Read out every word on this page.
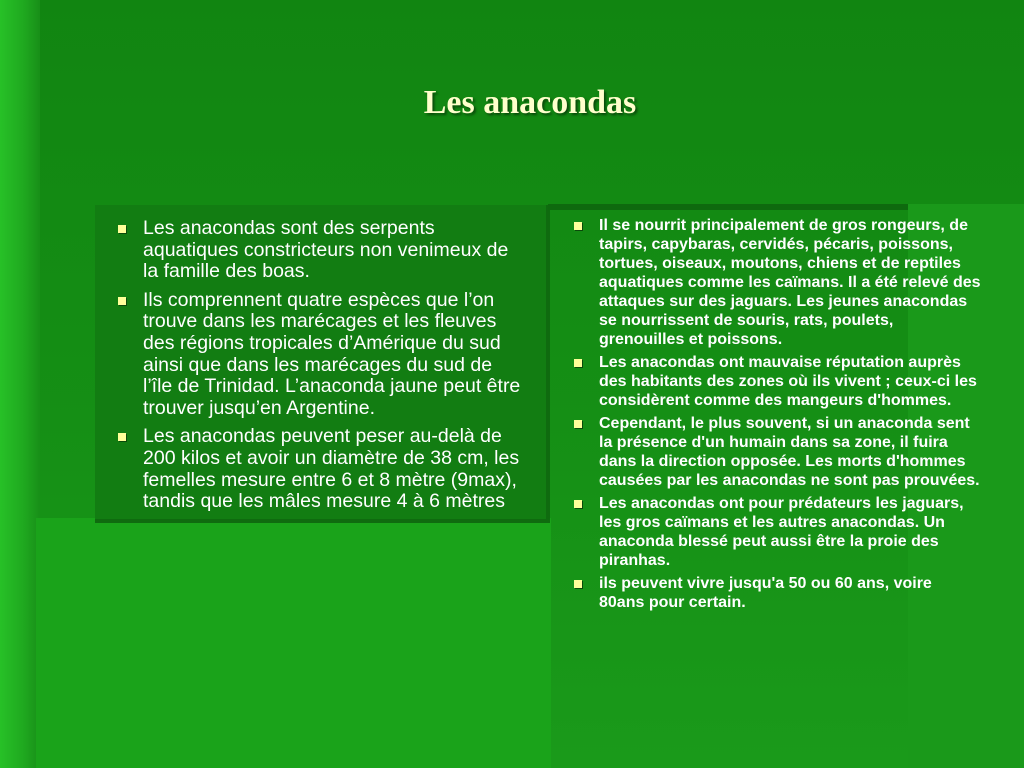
Les anacondas
Les anacondas sont des serpents aquatiques constricteurs non venimeux de la famille des boas.
Ils comprennent quatre espèces que l’on trouve dans les marécages et les fleuves des régions tropicales d’Amérique du sud ainsi que dans les marécages du sud de l’île de Trinidad. L’anaconda jaune peut être trouver jusqu’en Argentine.
Les anacondas peuvent peser au-delà de 200 kilos et avoir un diamètre de 38 cm, les femelles mesure entre 6 et 8 mètre (9max), tandis que les mâles mesure 4 à 6 mètres
Il se nourrit principalement de gros rongeurs, de tapirs, capybaras, cervidés, pécaris, poissons, tortues, oiseaux, moutons, chiens et de reptiles aquatiques comme les caïmans. Il a été relevé des attaques sur des jaguars. Les jeunes anacondas se nourrissent de souris, rats, poulets, grenouilles et poissons.
Les anacondas ont mauvaise réputation auprès des habitants des zones où ils vivent ; ceux-ci les considèrent comme des mangeurs d'hommes.
Cependant, le plus souvent, si un anaconda sent la présence d'un humain dans sa zone, il fuira dans la direction opposée. Les morts d'hommes causées par les anacondas ne sont pas prouvées.
Les anacondas ont pour prédateurs les jaguars, les gros caïmans et les autres anacondas. Un anaconda blessé peut aussi être la proie des piranhas.
ils peuvent vivre jusqu'a 50 ou 60 ans, voire 80ans pour certain.
